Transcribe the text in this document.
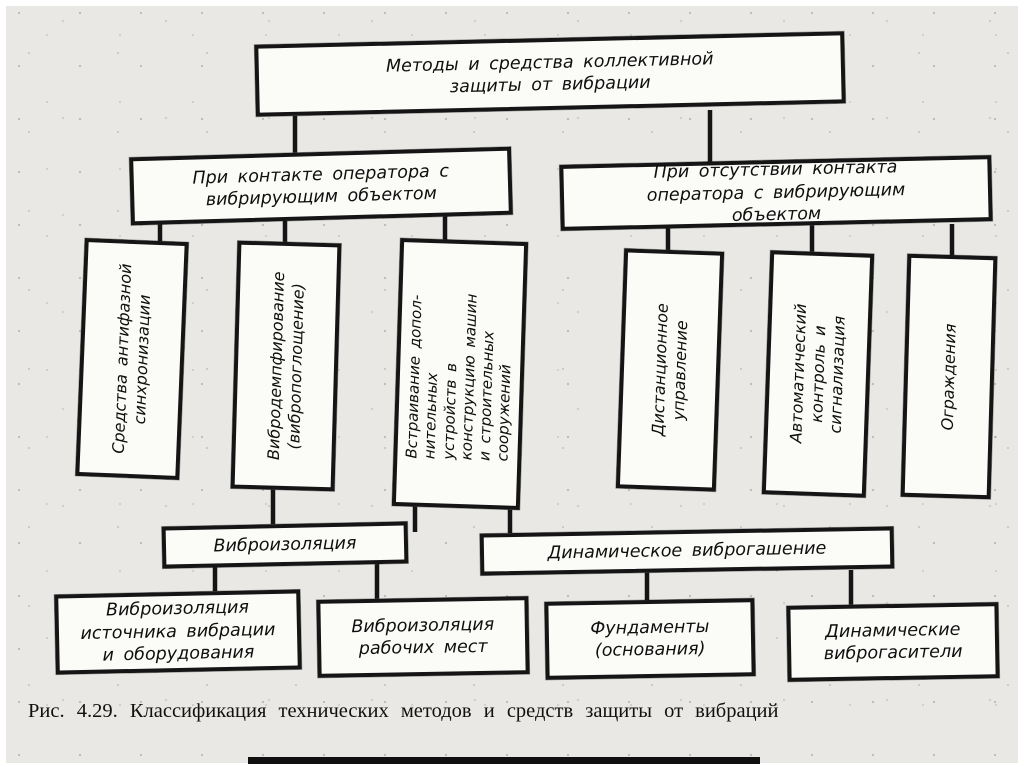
Методы и средства коллективной защиты от вибрации
При контакте оператора с вибрирующим объектом
При отсутствии контакта оператора с вибрирующим объектом
Средства антифазной синхронизации	Вибродемпфирование (вибропоглощение)	Встраивание допол- нительных устройств в конструкцию машин и строительных сооружений	Дистанционное управление	Автоматический контроль и сигнализация	Ограждения
Виброизоляция	Динамическое виброгашение
Виброизоляция источника вибрации и оборудования
Виброизоляция рабочих мест
Фундаменты (основания)
Динамические виброгасители
Рис. 4.29. Классификация технических методов и средств защиты от вибраций
